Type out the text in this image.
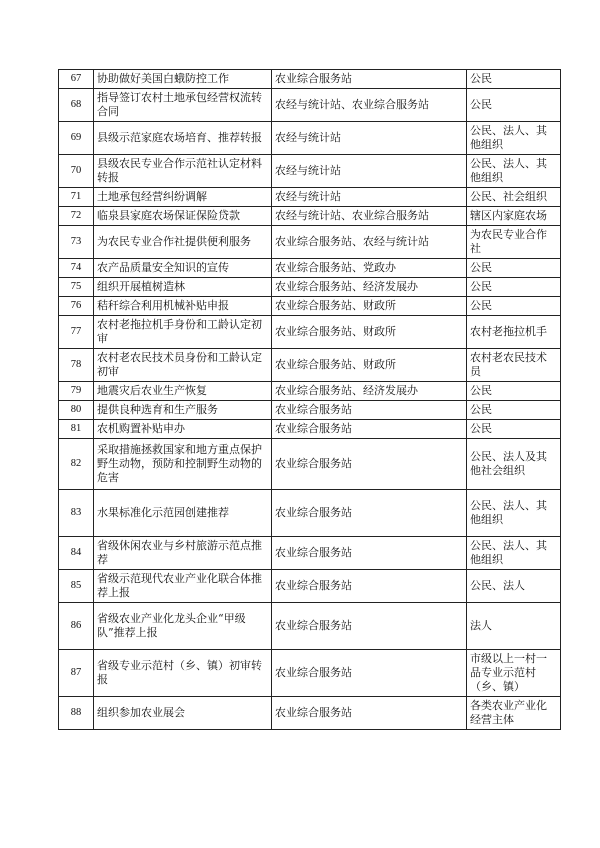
67	协助做好美国白蛾防控工作	农业综合服务站	公民
68	指导签订农村土地承包经营权流转合同	农经与统计站、农业综合服务站	公民
69	县级示范家庭农场培育、推荐转报	农经与统计站	公民、法人、其他组织
70	县级农民专业合作示范社认定材料转报	农经与统计站	公民、法人、其他组织
71	土地承包经营纠纷调解	农经与统计站	公民、社会组织
72	临泉县家庭农场保证保险贷款	农经与统计站、农业综合服务站	辖区内家庭农场
73	为农民专业合作社提供便利服务	农业综合服务站、农经与统计站	为农民专业合作社
74	农产品质量安全知识的宣传	农业综合服务站、党政办	公民
75	组织开展植树造林	农业综合服务站、经济发展办	公民
76	秸秆综合利用机械补贴申报	农业综合服务站、财政所	公民
77	农村老拖拉机手身份和工龄认定初审	农业综合服务站、财政所	农村老拖拉机手
78	农村老农民技术员身份和工龄认定初审	农业综合服务站、财政所	农村老农民技术员
79	地震灾后农业生产恢复	农业综合服务站、经济发展办	公民
80	提供良种选育和生产服务	农业综合服务站	公民
81	农机购置补贴申办	农业综合服务站	公民
82	采取措施拯救国家和地方重点保护野生动物，预防和控制野生动物的危害	农业综合服务站	公民、法人及其他社会组织
83	水果标准化示范园创建推荐	农业综合服务站	公民、法人、其他组织
84	省级休闲农业与乡村旅游示范点推荐	农业综合服务站	公民、法人、其他组织
85	省级示范现代农业产业化联合体推荐上报	农业综合服务站	公民、法人
86	省级农业产业化龙头企业“甲级队”推荐上报	农业综合服务站	法人
87	省级专业示范村（乡、镇）初审转报	农业综合服务站	市级以上一村一品专业示范村（乡、镇）
88	组织参加农业展会	农业综合服务站	各类农业产业化经营主体
